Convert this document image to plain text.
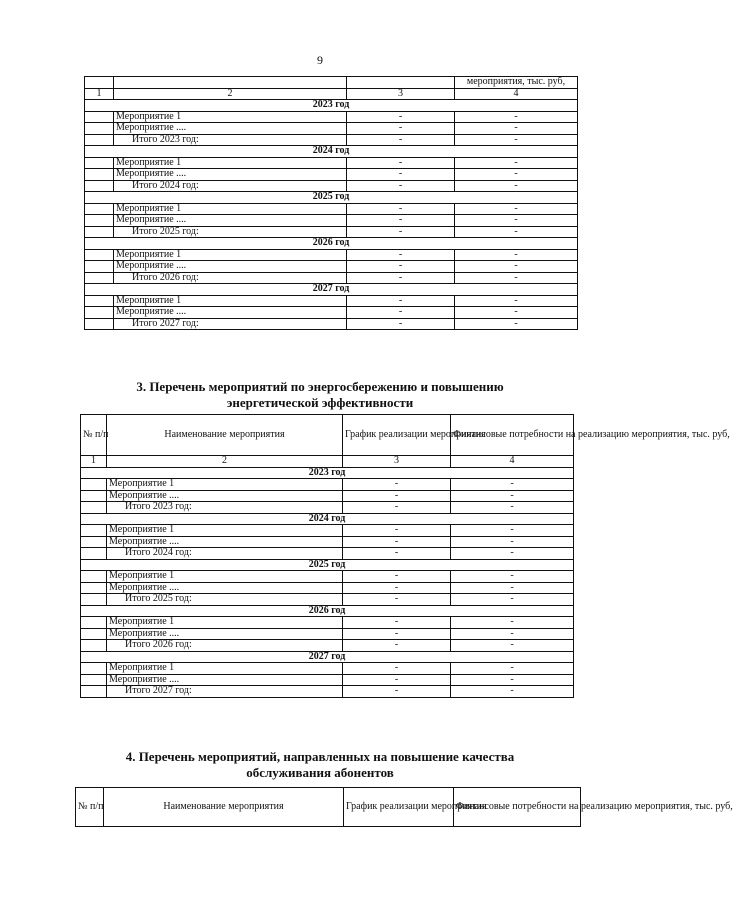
9
			мероприятия, тыс. руб,
1	2	3	4
2023 год			
	Мероприятие 1	-	-
	Мероприятие ....	-	-
	Итого 2023 год:	-	-
2024 год			
	Мероприятие 1	-	-
	Мероприятие ....	-	-
	Итого 2024 год:	-	-
2025 год			
	Мероприятие 1	-	-
	Мероприятие ....	-	-
	Итого 2025 год:	-	-
2026 год			
	Мероприятие 1	-	-
	Мероприятие ....	-	-
	Итого 2026 год:	-	-
2027 год			
	Мероприятие 1	-	-
	Мероприятие ....	-	-
	Итого 2027 год:	-	-
3. Перечень мероприятий по энергосбережению и повышению
энергетической эффективности
№ п/п	Наименование мероприятия	График реализации мероприятия	Финансовые потребности на реализацию мероприятия, тыс. руб,
1	2	3	4
2023 год			
	Мероприятие 1	-	-
	Мероприятие ....	-	-
	Итого 2023 год:	-	-
2024 год			
	Мероприятие 1	-	-
	Мероприятие ....	-	-
	Итого 2024 год:	-	-
2025 год			
	Мероприятие 1	-	-
	Мероприятие ....	-	-
	Итого 2025 год:	-	-
2026 год			
	Мероприятие 1	-	-
	Мероприятие ....	-	-
	Итого 2026 год:	-	-
2027 год			
	Мероприятие 1	-	-
	Мероприятие ....	-	-
	Итого 2027 год:	-	-
4. Перечень мероприятий, направленных на повышение качества
обслуживания абонентов
№ п/п	Наименование мероприятия	График реализации мероприятия	Финансовые потребности на реализацию мероприятия, тыс. руб,
